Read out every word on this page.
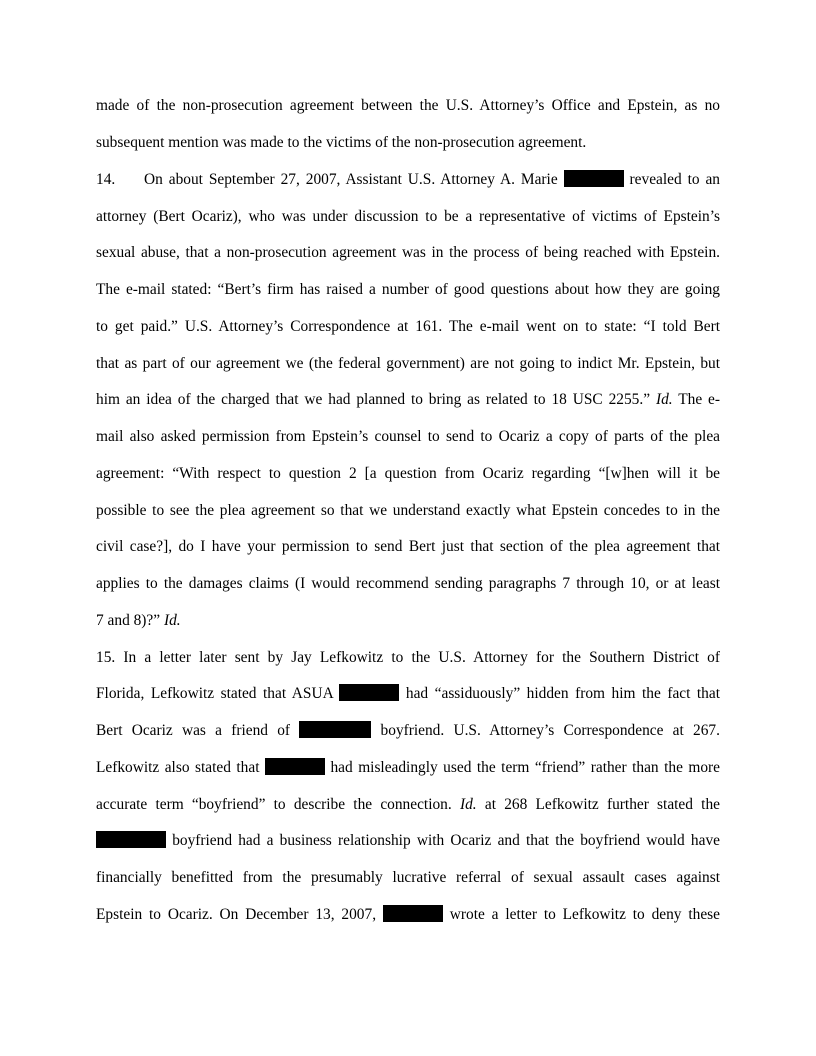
made of the non-prosecution agreement between the U.S. Attorney’s Office and Epstein, as no
subsequent mention was made to the victims of the non-prosecution agreement.
14. On about September 27, 2007, Assistant U.S. Attorney A. Marie	revealed to an
attorney (Bert Ocariz), who was under discussion to be a representative of victims of Epstein’s
sexual abuse, that a non-prosecution agreement was in the process of being reached with Epstein.
The e-mail stated: “Bert’s firm has raised a number of good questions about how they are going
to get paid.” U.S. Attorney’s Correspondence at 161. The e-mail went on to state: “I told Bert
that as part of our agreement we (the federal government) are not going to indict Mr. Epstein, but
him an idea of the charged that we had planned to bring as related to 18 USC 2255.” Id. The e-
mail also asked permission from Epstein’s counsel to send to Ocariz a copy of parts of the plea
agreement: “With respect to question 2 [a question from Ocariz regarding “[w]hen will it be
possible to see the plea agreement so that we understand exactly what Epstein concedes to in the
civil case?], do I have your permission to send Bert just that section of the plea agreement that
applies to the damages claims (I would recommend sending paragraphs 7 through 10, or at least
7 and 8)?” Id.
15. In a letter later sent by Jay Lefkowitz to the U.S. Attorney for the Southern District of
Florida, Lefkowitz stated that ASUA	had “assiduously” hidden from him the fact that
Bert Ocariz was a friend of	boyfriend. U.S. Attorney’s Correspondence at 267.
Lefkowitz also stated that	had misleadingly used the term “friend” rather than the more
accurate term “boyfriend” to describe the connection. Id. at 268 Lefkowitz further stated the
boyfriend had a business relationship with Ocariz and that the boyfriend would have
financially benefitted from the presumably lucrative referral of sexual assault cases against
Epstein to Ocariz. On December 13, 2007,	wrote a letter to Lefkowitz to deny these
